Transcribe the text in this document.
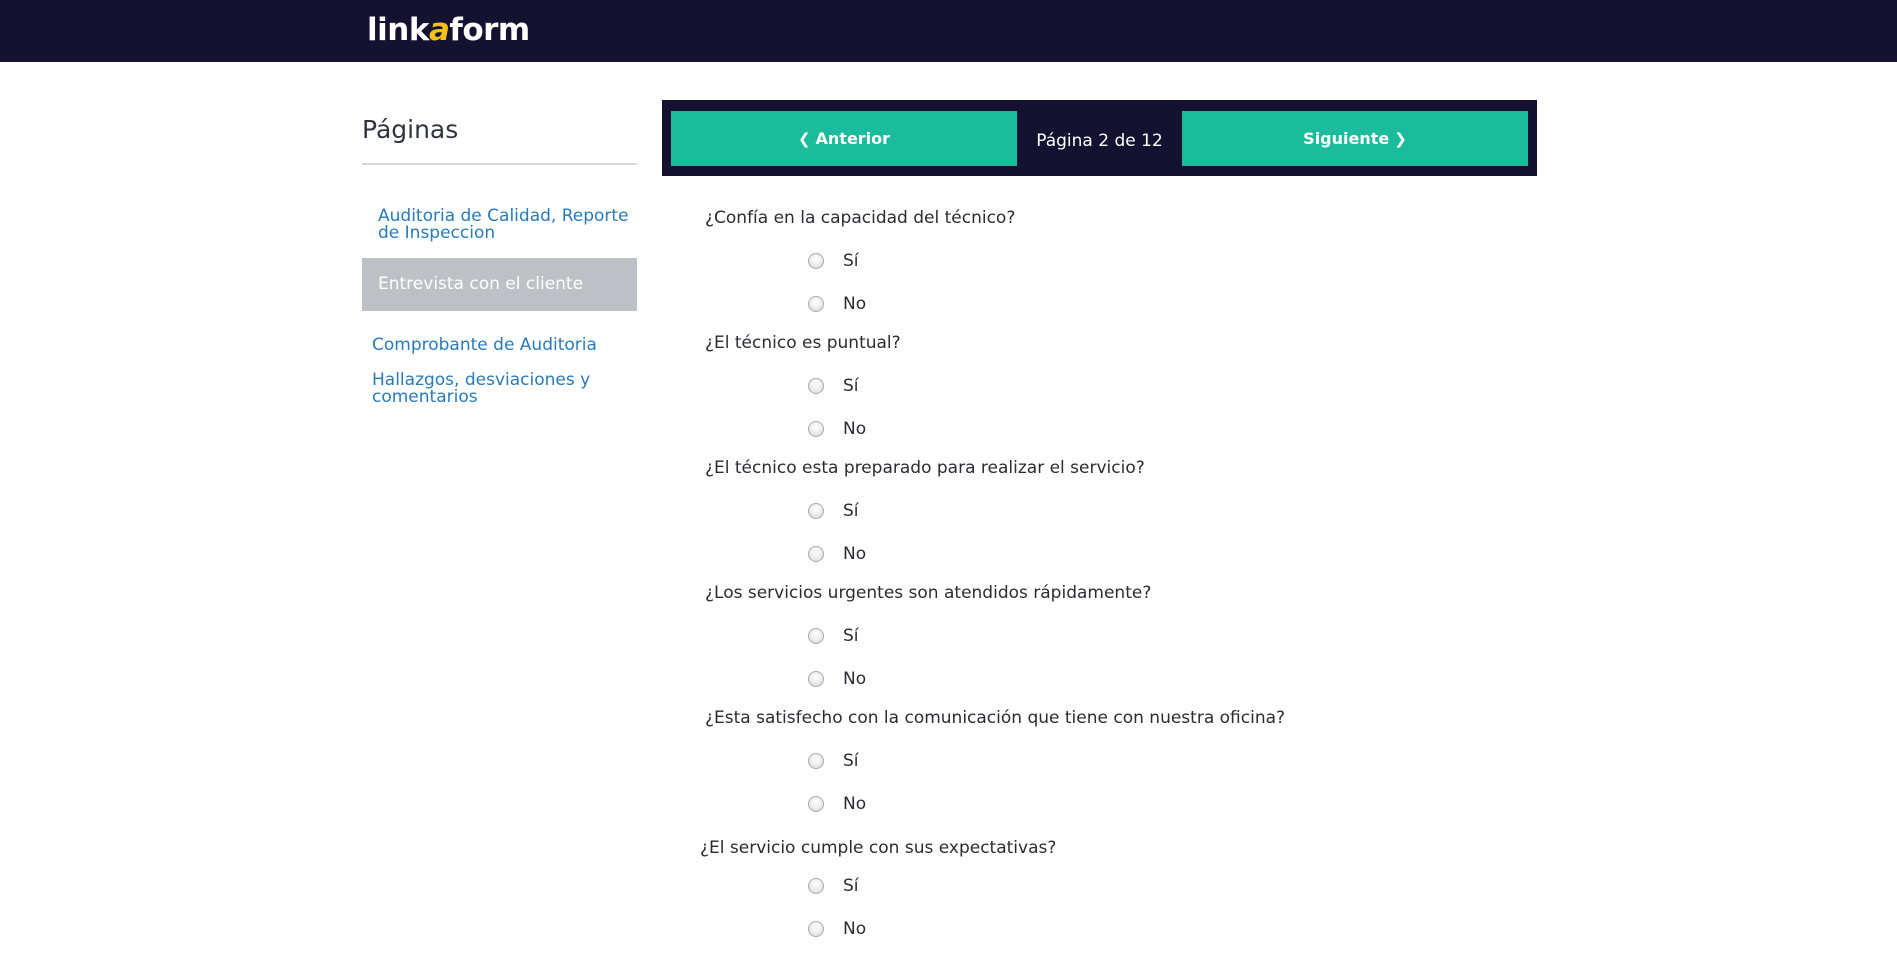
link a form
Páginas
Auditoria de Calidad, Reporte de Inspeccion
Entrevista con el cliente
Comprobante de Auditoria
Hallazgos, desviaciones y comentarios
❮ Anterior	Página 2 de 12	Siguiente ❯
¿Confía en la capacidad del técnico?
Sí
No
¿El técnico es puntual?
Sí
No
¿El técnico esta preparado para realizar el servicio?
Sí
No
¿Los servicios urgentes son atendidos rápidamente?
Sí
No
¿Esta satisfecho con la comunicación que tiene con nuestra oficina?
Sí
No
¿El servicio cumple con sus expectativas?
Sí
No
